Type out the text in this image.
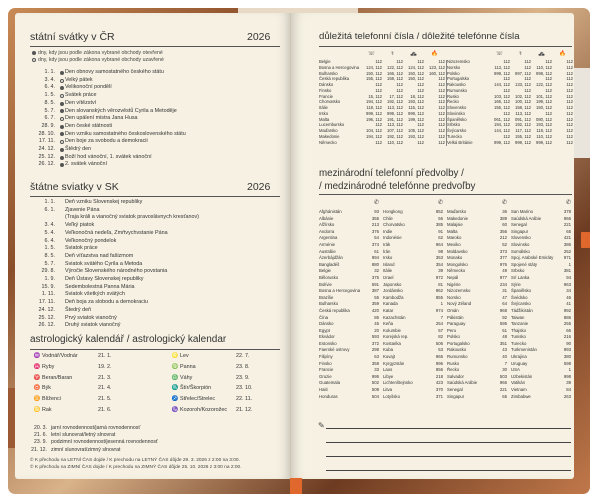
státní svátky v ČR	2026
dny, kdy jsou podle zákona vybrané obchody otevřené
dny, kdy jsou podle zákona vybrané obchody uzavřené
1. 1.	Den obnovy samostatného českého státu
3. 4.	Velký pátek
6. 4.	Velikonoční pondělí
1. 5.	Svátek práce
8. 5.	Den vítězství
5. 7.	Den slovanských věrozvěstů Cyrila a Metoděje
6. 7.	Den upálení mistra Jana Husa
28. 9.	Den české státnosti
28. 10.	Den vzniku samostatného československého státu
17. 11.	Den boje za svobodu a demokracii
24. 12.	Štědrý den
25. 12.	Boží hod vánoční, 1. svátek vánoční
26. 12.	2. svátek vánoční
štátne sviatky v SK	2026
1. 1.	Deň vzniku Slovenskej republiky
6. 1.	Zjavenie Pána
(Traja králi a vianočný sviatok pravoslávnych kresťanov)
3. 4.	Veľký piatok
5. 4.	Veľkonočná nedeľa, Zmŕtvychvstanie Pána
6. 4.	Veľkonočný pondelok
1. 5.	Sviatok práce
8. 5.	Deň víťazstva nad fašizmom
5. 7.	Sviatok svätého Cyrila a Metoda
29. 8.	Výročie Slovenského národného povstania
1. 9.	Deň Ústavy Slovenskej republiky
15. 9.	Sedembolestná Panna Mária
1. 11.	Sviatok všetkých svätých
17. 11.	Deň boja za slobodu a demokraciu
24. 12.	Štedrý deň
25. 12.	Prvý sviatok vianočný
26. 12.	Druhý sviatok vianočný
astrologický kalendář / astrologický kalendar
♒ Vodnář/Vodnár	21. 1.
♓ Ryby	19. 2.
♈ Beran/Baran	21. 3.
♉ Býk	21. 4.
♊ Blíženci	21. 5.
♋ Rak	21. 6.
♌ Lev	22. 7.
♍ Panna	23. 8.
♎ Váhy	23. 9.
♏ Štír/Škorpión	23. 10.
♐ Střelec/Strelec	22. 11.
♑ Kozoroh/Kozorožec	21. 12.
20. 3. jarní rovnodennost/jarná rovnodennosť
21. 6. letní slunovrat/letný slnovrat
23. 9. podzimní rovnodennost/jesenná rovnodennosť
21. 12. zimní slunovrat/zimný slnovrat
© K přechodu na LETNÍ ČAS dojde / K prechodu na LETNÝ ČAS dôjde 29. 3. 2026 z 2:00 na 3:00.
© K přechodu na ZIMNÍ ČAS dojde / K prechodu na ZIMNÝ ČAS dôjde 25. 10. 2026 z 3:00 na 2:00.
důležitá telefonní čísla / dôležité telefónne čísla
☏	⚕	🚓	🔥
Belgie	112	112	112	112
Bosna a Hercegovina	124, 112	122, 112	124, 112	123, 112
Bulharsko	150, 112	166, 112	150, 112	160, 112
Česká republika	155, 112	158, 112	150, 112	112
Dánsko	112	112	112	112
Finsko	112	112	112	112
Francie	15, 112	17, 112	18, 112	112
Chorvatsko	194, 112	192, 112	193, 112	112
Itálie	118, 112	113, 112	115, 112	112
Irsko	999, 112	999, 112	999, 112	112
Malta	196, 112	191, 112	199, 112	112
Lucembursko	112	113, 112	112	112
Maďarsko	104, 112	107, 112	105, 112	112
Makedonie	194, 112	192, 112	193, 112	112
Německo	112	110, 112	112	112
☏	⚕	🚓	🔥
Nizozemsko	112	112	112	112
Norsko	113, 112	112	110, 112	112
Polsko	999, 112	997, 112	998, 112	112
Portugalsko	112	112	112	112
Rakousko	144, 112	133, 112	122, 112	112
Rumunsko	112	112	112	112
Rusko	103, 112	102, 112	101, 112	112
Řecko	166, 112	100, 112	199, 112	112
Slovensko	155, 112	158, 112	150, 112	112
Slovinsko	112	113, 112	112	112
Španělsko	061, 112	091, 112	080, 112	112
Srbsko	194, 112	192, 112	193, 112	112
Švýcarsko	144, 112	117, 112	118, 112	112
Turecko	112	155, 112	110, 112	112
Velká Británie	999, 112	999, 112	999, 112	112
mezinárodní telefonní předvolby /
/ medzinárodné telefónne predvoľby
✆
Afghánistán	93
Albánie	355
Alžírsko	213
Andorra	376
Argentina	54
Arménie	374
Austrálie	61
Ázerbájdžán	994
Bangladéš	880
Belgie	32
Bělorusko	375
Bolívie	591
Bosna a Hercegovina	387
Brazílie	55
Bulharsko	359
Česká republika	420
Čína	86
Dánsko	45
Egypt	20
Ekvádor	593
Estonsko	372
Faerské ostrovy	298
Filipíny	63
Finsko	358
Francie	33
Gruzie	995
Guatemala	502
Haiti	509
Honduras	504
✆
Hongkong	852
Chile	56
Chorvatsko	385
Indie	91
Indonésie	62
Irák	964
Írán	98
Irsko	353
Island	354
Itálie	39
Izrael	972
Japonsko	81
Jordánsko	962
Kambodža	855
Kanada	1
Katar	974
Kazachstán	7
Keňa	254
Kolumbie	57
Korejská rep.	82
Kostarika	506
Kuba	53
Kuvajt	965
Kyrgyzstán	996
Laos	856
Libye	218
Lichtenštejnsko	423
Litva	370
Lotyšsko	371
✆
Maďarsko	36
Makedonie	389
Malajsie	60
Malta	356
Maroko	212
Mexiko	52
Moldavsko	373
Monako	377
Mongolsko	976
Německo	49
Nepál	977
Nigérie	234
Nizozemsko	31
Norsko	47
Nový Zéland	64
Omán	968
Pákistán	92
Paraguay	595
Peru	51
Polsko	48
Portugalsko	351
Rakousko	43
Rumunsko	40
Rusko	7
Řecko	30
Salvador	503
Saúdská Arábie	966
Senegal	221
Singapur	65
✆
San Marino	378
Saúdská Arábie	966
Senegal	221
Singapur	65
Slovensko	421
Slovinsko	386
Somálsko	252
Spoj. Arabské Emiráty	971
Spojené státy	1
Srbsko	381
Srí Lanka	94
Sýrie	963
Španělsko	34
Švédsko	46
Švýcarsko	41
Tádžikistán	992
Taiwan	886
Tanzanie	255
Thajsko	66
Tunisko	216
Turecko	90
Turkmenistán	993
Ukrajina	380
Uruguay	598
USA	1
Uzbekistán	998
Vatikán	39
Vietnam	84
Zimbabwe	263
✎
